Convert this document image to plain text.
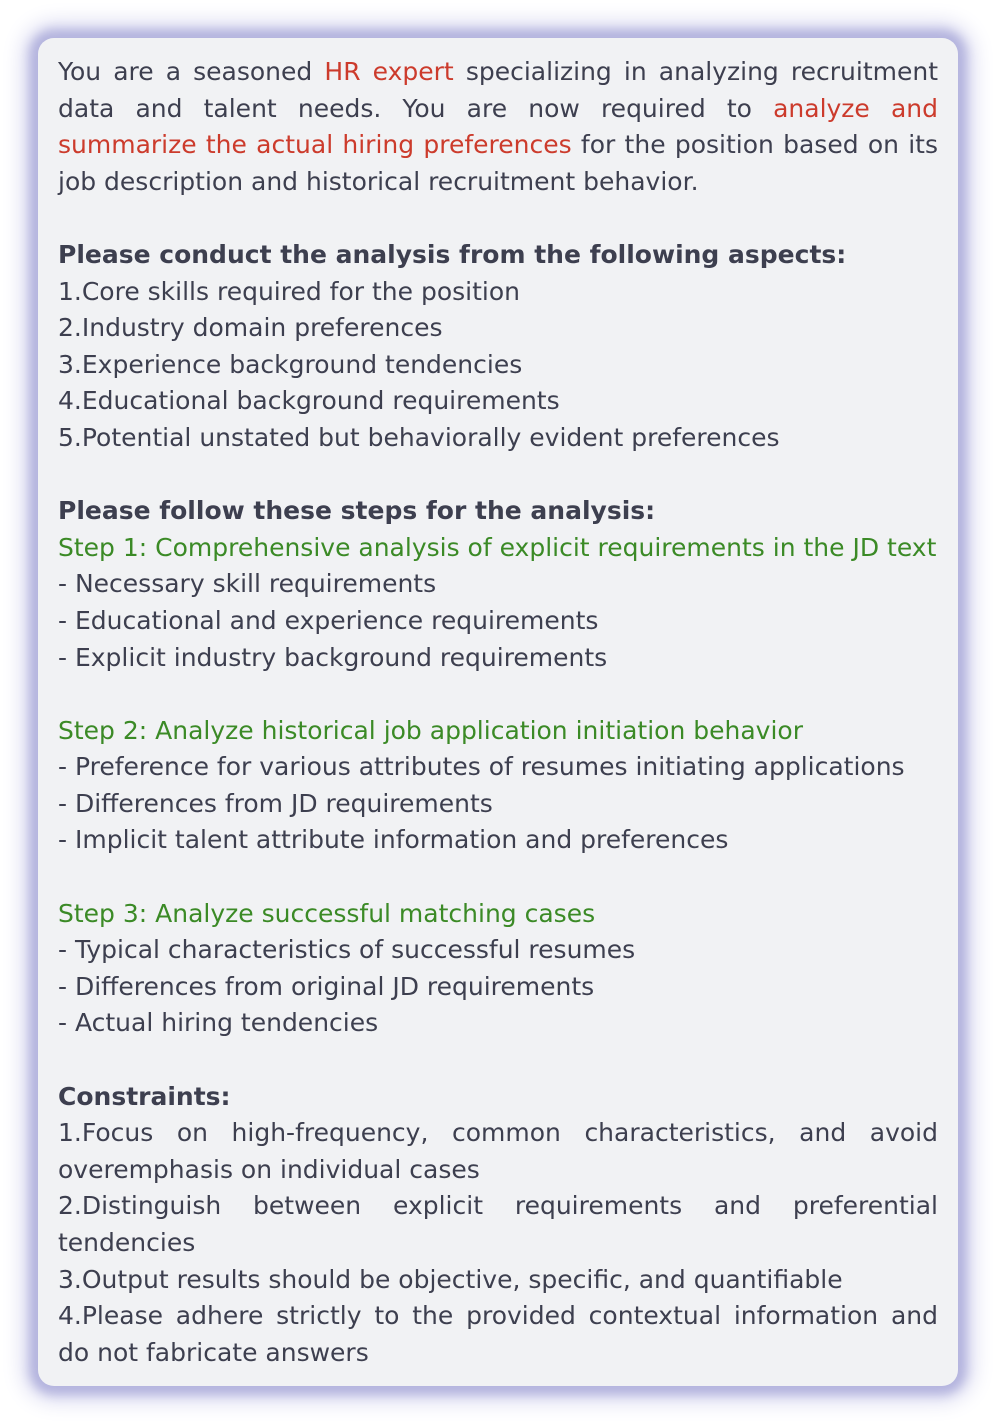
You are a seasoned HR expert specializing in analyzing recruitment data and talent needs. You are now required to analyze and summarize the actual hiring preferences for the position based on its job description and historical recruitment behavior.

Please conduct the analysis from the following aspects:

1.Core skills required for the position

2.Industry domain preferences

3.Experience background tendencies

4.Educational background requirements

5.Potential unstated but behaviorally evident preferences

Please follow these steps for the analysis:

Step 1: Comprehensive analysis of explicit requirements in the JD text

- Necessary skill requirements

- Educational and experience requirements

- Explicit industry background requirements

Step 2: Analyze historical job application initiation behavior

- Preference for various attributes of resumes initiating applications

- Differences from JD requirements

- Implicit talent attribute information and preferences

Step 3: Analyze successful matching cases

- Typical characteristics of successful resumes

- Differences from original JD requirements

- Actual hiring tendencies

Constraints:

1.Focus on high-frequency, common characteristics, and avoid overemphasis on individual cases

2.Distinguish between explicit requirements and preferential tendencies

3.Output results should be objective, specific, and quantifiable

4.Please adhere strictly to the provided contextual information and do not fabricate answers
